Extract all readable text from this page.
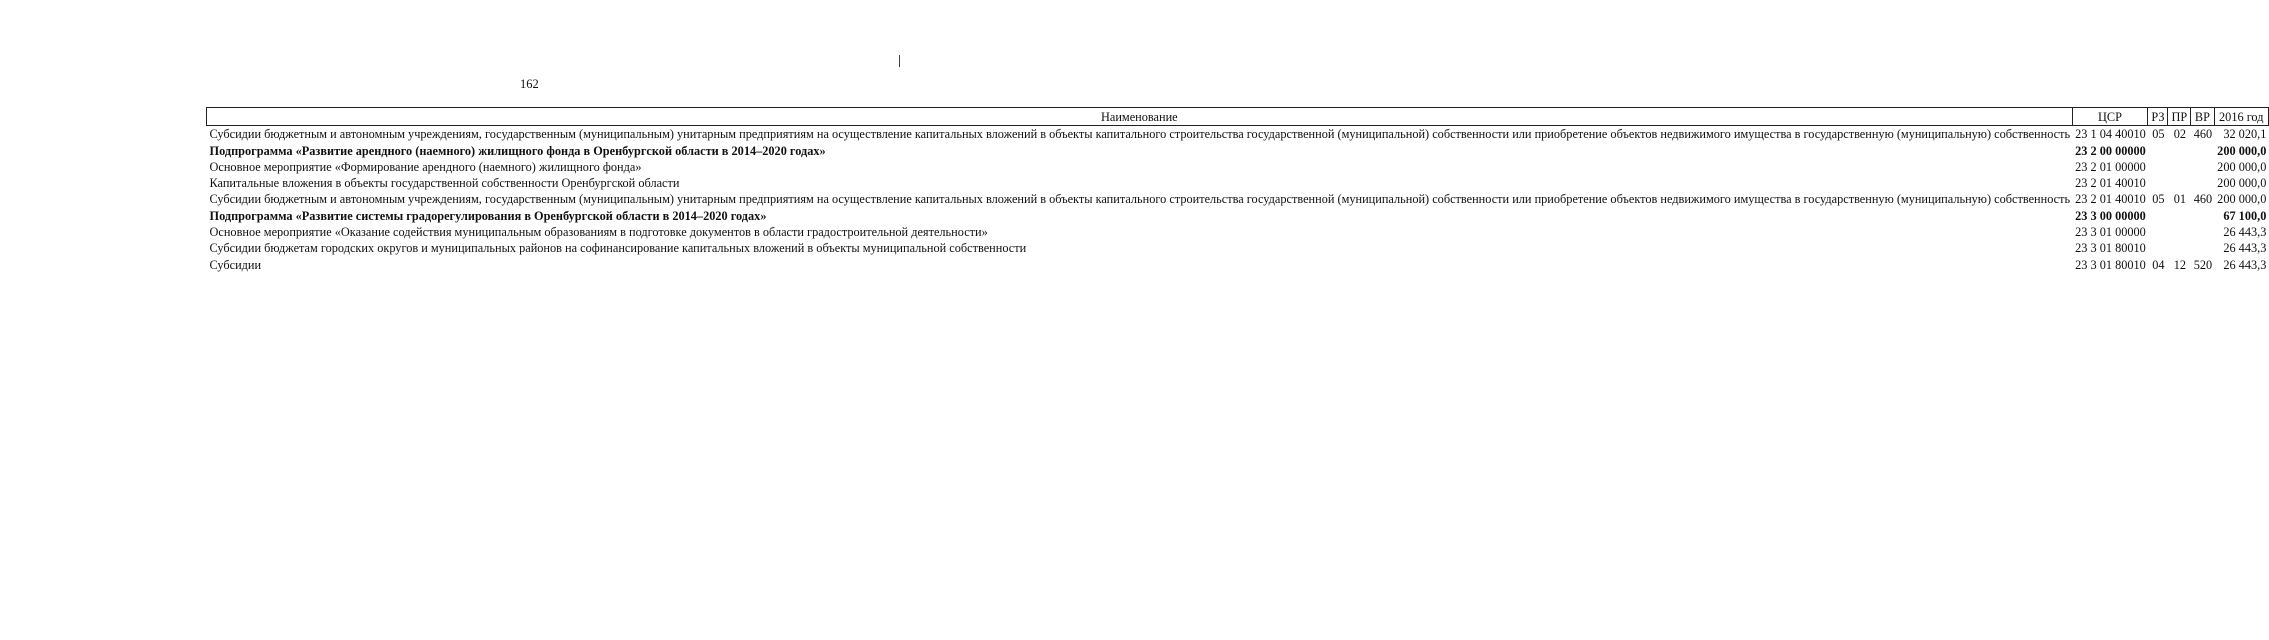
162
Наименование	ЦСР	РЗ	ПР	ВР	2016 год
Субсидии бюджетным и автономным учреждениям, государственным (муниципальным) унитарным предприятиям на осуществление капитальных вложений в объекты капитального строительства государственной (муниципальной) собственности или приобретение объектов недвижимого имущества в государственную (муниципальную) собственность	23 1 04 40010	05	02	460	32 020,1
Подпрограмма «Развитие арендного (наемного) жилищного фонда в Оренбургской области в 2014–2020 годах»	23 2 00 00000				200 000,0
Основное мероприятие «Формирование арендного (наемного) жилищного фонда»	23 2 01 00000				200 000,0
Капитальные вложения в объекты государственной собственности Оренбургской области	23 2 01 40010				200 000,0
Субсидии бюджетным и автономным учреждениям, государственным (муниципальным) унитарным предприятиям на осуществление капитальных вложений в объекты капитального строительства государственной (муниципальной) собственности или приобретение объектов недвижимого имущества в государственную (муниципальную) собственность	23 2 01 40010	05	01	460	200 000,0
Подпрограмма «Развитие системы градорегулирования в Оренбургской области в 2014–2020 годах»	23 3 00 00000				67 100,0
Основное мероприятие «Оказание содействия муниципальным образованиям в подготовке документов в области градостроительной деятельности»	23 3 01 00000				26 443,3
Субсидии бюджетам городских округов и муниципальных районов на софинансирование капитальных вложений в объекты муниципальной собственности	23 3 01 80010				26 443,3
Субсидии	23 3 01 80010	04	12	520	26 443,3
